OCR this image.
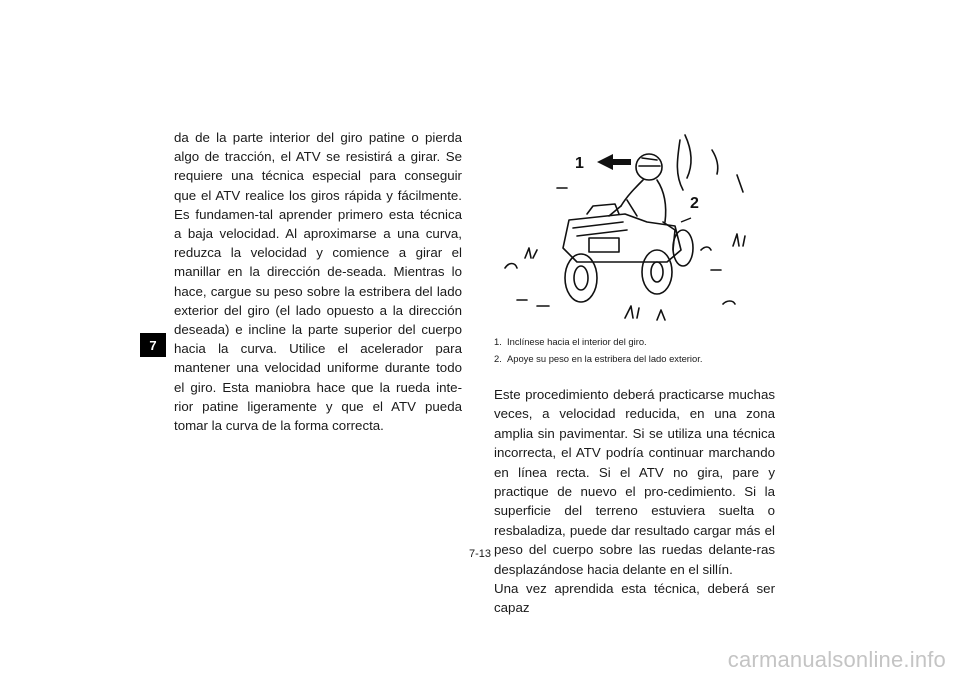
7

da de la parte interior del giro patine o pierda algo de tracción, el ATV se resistirá a girar. Se requiere una técnica especial para conseguir que el ATV realice los giros rápida y fácilmente. Es fundamen-tal aprender primero esta técnica a baja velocidad. Al aproximarse a una curva, reduzca la velocidad y comience a girar el manillar en la dirección de-seada. Mientras lo hace, cargue su peso sobre la estribera del lado exterior del giro (el lado opuesto a la dirección deseada) e incline la parte superior del cuerpo hacia la curva. Utilice el acelerador para mantener una velocidad uniforme durante todo el giro. Esta maniobra hace que la rueda inte-rior patine ligeramente y que el ATV pueda tomar la curva de la forma correcta.

1
2
1. Inclínese hacia el interior del giro.
2. Apoye su peso en la estribera del lado exterior.

Este procedimiento deberá practicarse muchas veces, a velocidad reducida, en una zona amplia sin pavimentar. Si se utiliza una técnica incorrecta, el ATV podría continuar marchando en línea recta. Si el ATV no gira, pare y practique de nuevo el pro-cedimiento. Si la superficie del terreno estuviera suelta o resbaladiza, puede dar resultado cargar más el peso del cuerpo sobre las ruedas delante-ras desplazándose hacia delante en el sillín.

Una vez aprendida esta técnica, deberá ser capaz

7-13
carmanualsonline.info
